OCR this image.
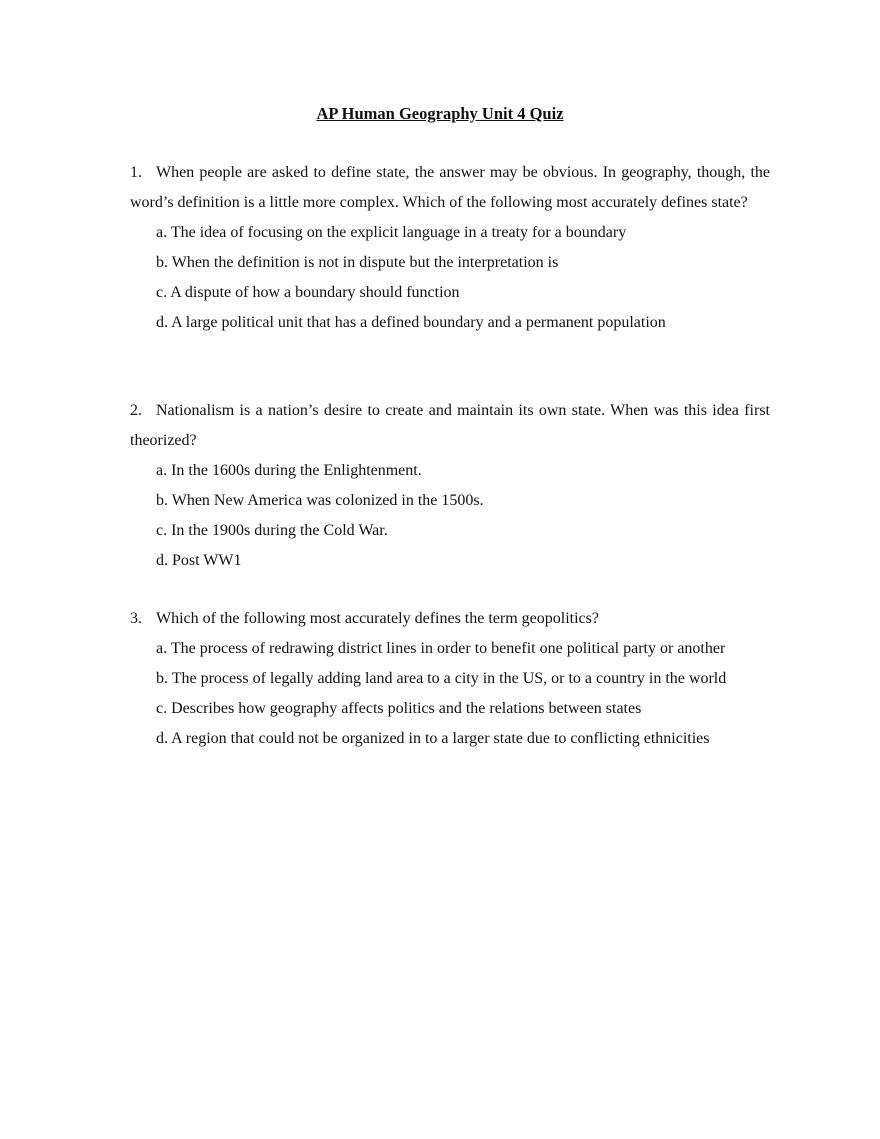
AP Human Geography Unit 4 Quiz

1. When people are asked to define state, the answer may be obvious. In geography, though, the word’s definition is a little more complex. Which of the following most accurately defines state?

a. The idea of focusing on the explicit language in a treaty for a boundary
b. When the definition is not in dispute but the interpretation is
c. A dispute of how a boundary should function
d. A large political unit that has a defined boundary and a permanent population

2. Nationalism is a nation’s desire to create and maintain its own state. When was this idea first theorized?

a. In the 1600s during the Enlightenment.
b. When New America was colonized in the 1500s.
c. In the 1900s during the Cold War.
d. Post WW1

3. Which of the following most accurately defines the term geopolitics?

a. The process of redrawing district lines in order to benefit one political party or another
b. The process of legally adding land area to a city in the US, or to a country in the world
c. Describes how geography affects politics and the relations between states
d. A region that could not be organized in to a larger state due to conflicting ethnicities
